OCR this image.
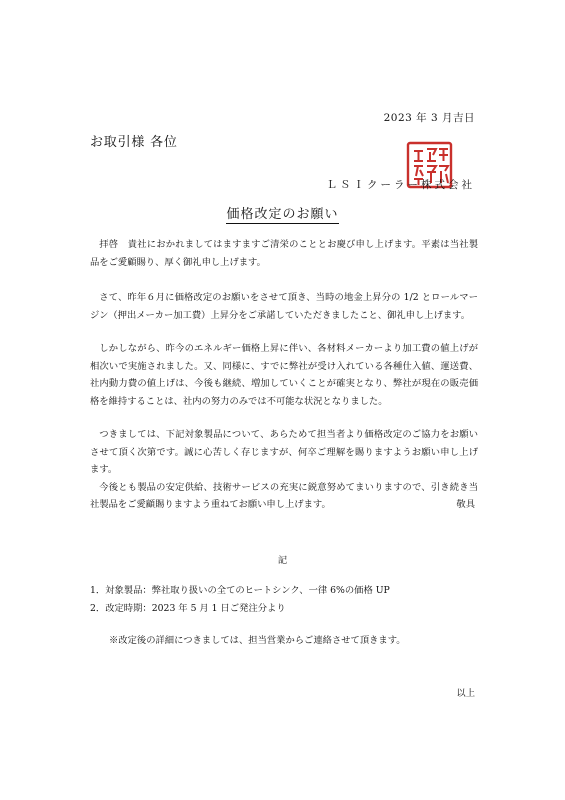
2023 年 3 月吉日
お取引様 各位
ＬＳＩクーラー株式会社
価格改定のお願い

拝啓　貴社におかれましてはますますご清栄のこととお慶び申し上げます。平素は当社製品をご愛顧賜り、厚く御礼申し上げます。

さて、昨年６月に価格改定のお願いをさせて頂き、当時の地金上昇分の 1/2 とロールマージン（押出メーカー加工費）上昇分をご承諾していただきましたこと、御礼申し上げます。

しかしながら、昨今のエネルギー価格上昇に伴い、各材料メーカーより加工費の値上げが相次いで実施されました。又、同様に、すでに弊社が受け入れている各種仕入値、運送費、社内動力費の値上げは、今後も継続、増加していくことが確実となり、弊社が現在の販売価格を維持することは、社内の努力のみでは不可能な状況となりました。

つきましては、下記対象製品について、あらためて担当者より価格改定のご協力をお願いさせて頂く次第です。誠に心苦しく存じますが、何卒ご理解を賜りますようお願い申し上げます。

今後とも製品の安定供給、技術サービスの充実に鋭意努めてまいりますので、引き続き当社製品をご愛顧賜りますよう重ねてお願い申し上げます。	敬具
記
1．対象製品：弊社取り扱いの全てのヒートシンク、一律 6%の価格 UP
2．改定時期：2023 年 5 月 1 日ご発注分より
※改定後の詳細につきましては、担当営業からご連絡させて頂きます。
以上
